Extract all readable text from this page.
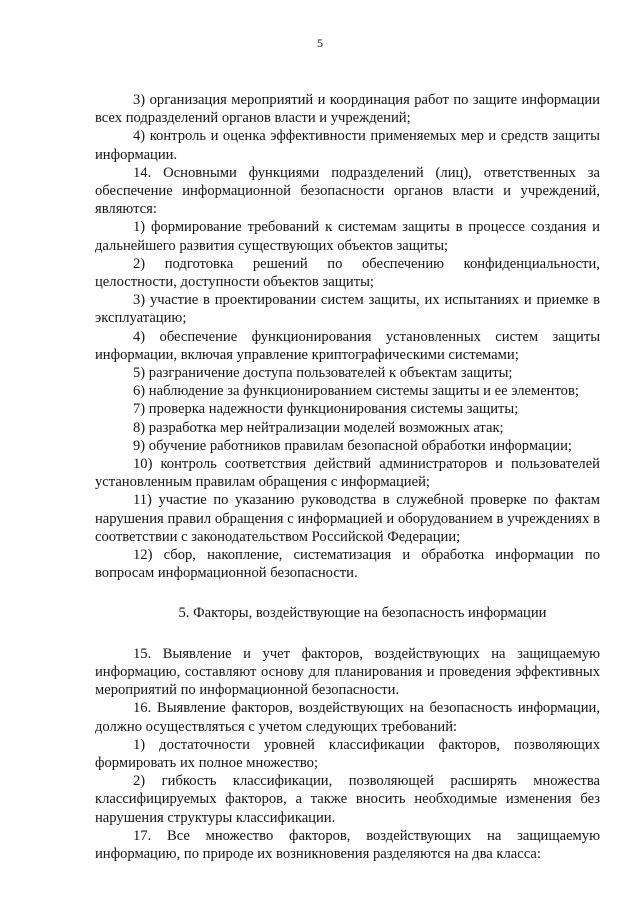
5

3) организация мероприятий и координация работ по защите информации всех подразделений органов власти и учреждений;

4) контроль и оценка эффективности применяемых мер и средств защиты информации.

14. Основными функциями подразделений (лиц), ответственных за обеспечение информационной безопасности органов власти и учреждений, являются:

1) формирование требований к системам защиты в процессе создания и дальнейшего развития существующих объектов защиты;

2) подготовка решений по обеспечению конфиденциальности, целостности, доступности объектов защиты;

3) участие в проектировании систем защиты, их испытаниях и приемке в эксплуатацию;

4) обеспечение функционирования установленных систем защиты информации, включая управление криптографическими системами;

5) разграничение доступа пользователей к объектам защиты;

6) наблюдение за функционированием системы защиты и ее элементов;

7) проверка надежности функционирования системы защиты;

8) разработка мер нейтрализации моделей возможных атак;

9) обучение работников правилам безопасной обработки информации;

10) контроль соответствия действий администраторов и пользователей установленным правилам обращения с информацией;

11) участие по указанию руководства в служебной проверке по фактам нарушения правил обращения с информацией и оборудованием в учреждениях в соответствии с законодательством Российской Федерации;

12) сбор, накопление, систематизация и обработка информации по вопросам информационной безопасности.

5. Факторы, воздействующие на безопасность информации

15. Выявление и учет факторов, воздействующих на защищаемую информацию, составляют основу для планирования и проведения эффективных мероприятий по информационной безопасности.

16. Выявление факторов, воздействующих на безопасность информации, должно осуществляться с учетом следующих требований:

1) достаточности уровней классификации факторов, позволяющих формировать их полное множество;

2) гибкость классификации, позволяющей расширять множества классифицируемых факторов, а также вносить необходимые изменения без нарушения структуры классификации.

17. Все множество факторов, воздействующих на защищаемую информацию, по природе их возникновения разделяются на два класса:
